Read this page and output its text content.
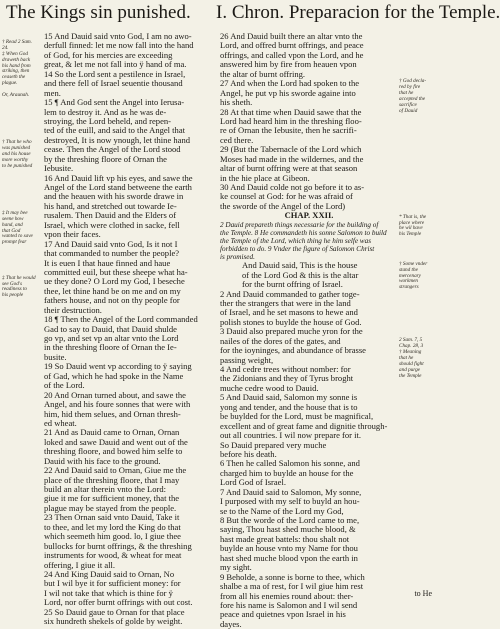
The Kings sin punished. I. Chron. Preparacion for the Temple.
† Read 2 Sam.
24.
‡ When God
draweth back
his hand from
striking, then
ceaseth the
plague.
Or, Araunah.
† That he who
was punished
and his house
more worthy
to be punished
‡ It may bee
seene how
hand, and
that God
wanted to save
prompt fear
‡ That he would
see God's
readiness to
his people
15 And Dauid said vnto God, I am no awo-
derfull finned: let me now fall into the hand
of God, for his mercies are exceeding
great, & let me not fall into ÿ hand of ma.
14 So the Lord sent a pestilence in Israel,
and there fell of Israel seuentie thousand
men.
15 ¶ And God sent the Angel into Ierusa-
lem to destroy it. And as he was de-
stroying, the Lord beheld, and repen-
ted of the euill, and said to the Angel that
destroyed, It is now ynough, let thine hand
cease. Then the Angel of the Lord stood
by the threshing floore of Ornan the
Iebusite.
16 And Dauid lift vp his eyes, and sawe the
Angel of the Lord stand betweene the earth
and the heauen with his sworde drawe in
his hand, and stretched out towarde Ie-
rusalem. Then Dauid and the Elders of
Israel, which were clothed in sacke, fell
vpon their faces.
17 And Dauid said vnto God, Is it not I
that commanded to number the people?
It is euen I that haue finned and haue
committed euil, but these sheepe what ha-
ue they done? O Lord my God, I beseche
thee, let thine hand be on me and on my
fathers house, and not on thy people for
their destruction.
18 ¶ Then the Angel of the Lord commanded
Gad to say to Dauid, that Dauid shulde
go vp, and set vp an altar vnto the Lord
in the threshing floore of Ornan the Ie-
busite.
19 So Dauid went vp according to ÿ saying
of Gad, which he had spoke in the Name
of the Lord.
20 And Ornan turned about, and sawe the
Angel, and his foure sonnes that were with
him, hid them selues, and Ornan thresh-
ed wheat.
21 And as Dauid came to Ornan, Ornan
loked and sawe Dauid and went out of the
threshing floore, and bowed him selfe to
Dauid with his face to the ground.
22 And Dauid said to Ornan, Giue me the
place of the threshing floore, that I may
build an altar therein vnto the Lord:
giue it me for sufficient money, that the
plague may be stayed from the people.
23 Then Ornan said vnto Dauid, Take it
to thee, and let my lord the King do that
which seemeth him good. lo, I giue thee
bullocks for burnt offrings, & the threshing
instruments for wood, & wheat for meat
offering, I giue it all.
24 And King Dauid said to Ornan, No
but I wil bye it for sufficient money: for
I wil not take that which is thine for ÿ
Lord, nor offer burnt offrings with out cost.
25 So Dauid gaue to Ornan for that place
six hundreth shekels of golde by weight.
26 And Dauid built there an altar vnto the
Lord, and offred burnt offrings, and peace
offrings, and called vpon the Lord, and he
answered him by fire from heauen vpon
the altar of burnt offring.
27 And when the Lord had spoken to the
Angel, he put vp his sworde againe into
his sheth.
28 At that time when Dauid sawe that the
Lord had heard him in the threshing floo-
re of Ornan the Iebusite, then he sacrifi-
ced there.
29 (But the Tabernacle of the Lord which
Moses had made in the wildernes, and the
altar of burnt offring were at that season
in the hie place at Gibeon.
30 And Dauid colde not go before it to as-
ke counsel at God: for he was afraid of
the sworde of the Angel of the Lord)
CHAP. XXII.
2 Dauid prepareth things necessarie for the building of
the Temple. 8 He commandeth his sonne Salomon to build
the Temple of the Lord, which thing he him selfe was
forbidden to do. 9 Vnder the figure of Salomon Christ
is promised.
And Dauid said, This is the house
of the Lord God & this is the altar
for the burnt offring of Israel.
2 And Dauid commanded to gather toge-
ther the strangers that were in the land
of Israel, and he set masons to hewe and
polish stones to buylde the house of God.
3 Dauid also prepared muche yron for the
nailes of the dores of the gates, and
for the ioyninges, and abundance of brasse
passing weight,
4 And cedre trees without nomber: for
the Zidonians and they of Tyrus broght
muche cedre wood to Dauid.
5 And Dauid said, Salomon my sonne is
yong and tender, and the house that is to
be buylded for the Lord, must be magnifical,
excellent and of great fame and dignitie through-
out all countries. I wil now prepare for it.
So Dauid prepared very muche
before his death.
6 Then he called Salomon his sonne, and
charged him to buylde an house for the
Lord God of Israel.
7 And Dauid said to Salomon, My sonne,
I purposed with my self to buyld an hou-
se to the Name of the Lord my God,
8 But the worde of the Lord came to me,
saying, Thou hast shed muche blood, &
hast made great battels: thou shalt not
buylde an house vnto my Name for thou
hast shed muche blood vpon the earth in
my sight.
9 Beholde, a sonne is borne to thee, which
shalbe a ma of rest, for I wil giue him rest
from all his enemies round about: ther-
fore his name is Salomon and I wil send
peace and quietnes vpon Israel in his
dayes.
† God decla-
red by fire
that he
accepted the
sacrifice
of Dauid
* That is, the
place where
he wil have
his Temple
† Some vnder
stand the
mercenary
workmen
strangers
2 Sam. 7, 5
Chap. 28, 3
† Meaning
that he
should fight
and purge
the Temple
to He
